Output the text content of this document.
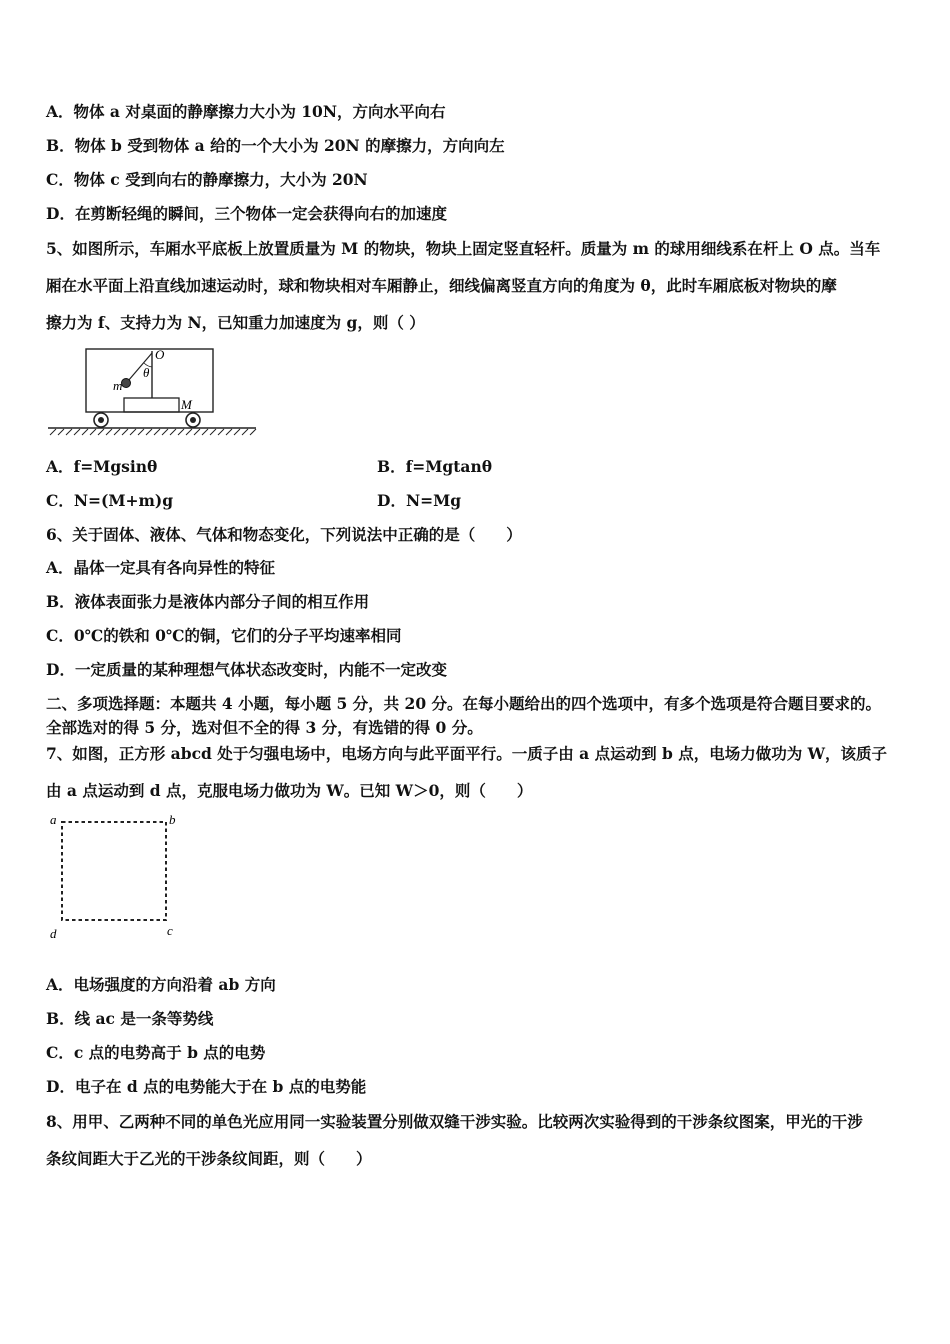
A．物体 a 对桌面的静摩擦力大小为 10N，方向水平向右
B．物体 b 受到物体 a 给的一个大小为 20N 的摩擦力，方向向左
C．物体 c 受到向右的静摩擦力，大小为 20N
D．在剪断轻绳的瞬间，三个物体一定会获得向右的加速度
5、如图所示，车厢水平底板上放置质量为 M 的物块，物块上固定竖直轻杆。质量为 m 的球用细线系在杆上 O 点。当车
厢在水平面上沿直线加速运动时，球和物块相对车厢静止，细线偏离竖直方向的角度为 θ，此时车厢底板对物块的摩
擦力为 f、支持力为 N，已知重力加速度为 g，则（ ）
O
θ
m
M
A．f=Mgsinθ	B．f=Mgtanθ
C．N=(M+m)g	D．N=Mg
6、关于固体、液体、气体和物态变化，下列说法中正确的是（　　）
A．晶体一定具有各向异性的特征
B．液体表面张力是液体内部分子间的相互作用
C．0℃的铁和 0℃的铜，它们的分子平均速率相同
D．一定质量的某种理想气体状态改变时，内能不一定改变
二、多项选择题：本题共 4 小题，每小题 5 分，共 20 分。在每小题给出的四个选项中，有多个选项是符合题目要求的。
全部选对的得 5 分，选对但不全的得 3 分，有选错的得 0 分。
7、如图，正方形 abcd 处于匀强电场中，电场方向与此平面平行。一质子由 a 点运动到 b 点，电场力做功为 W，该质子
由 a 点运动到 d 点，克服电场力做功为 W。已知 W＞0，则（　　）
a	b
c
d
A．电场强度的方向沿着 ab 方向
B．线 ac 是一条等势线
C．c 点的电势高于 b 点的电势
D．电子在 d 点的电势能大于在 b 点的电势能
8、用甲、乙两种不同的单色光应用同一实验装置分别做双缝干涉实验。比较两次实验得到的干涉条纹图案，甲光的干涉
条纹间距大于乙光的干涉条纹间距，则（　　）
